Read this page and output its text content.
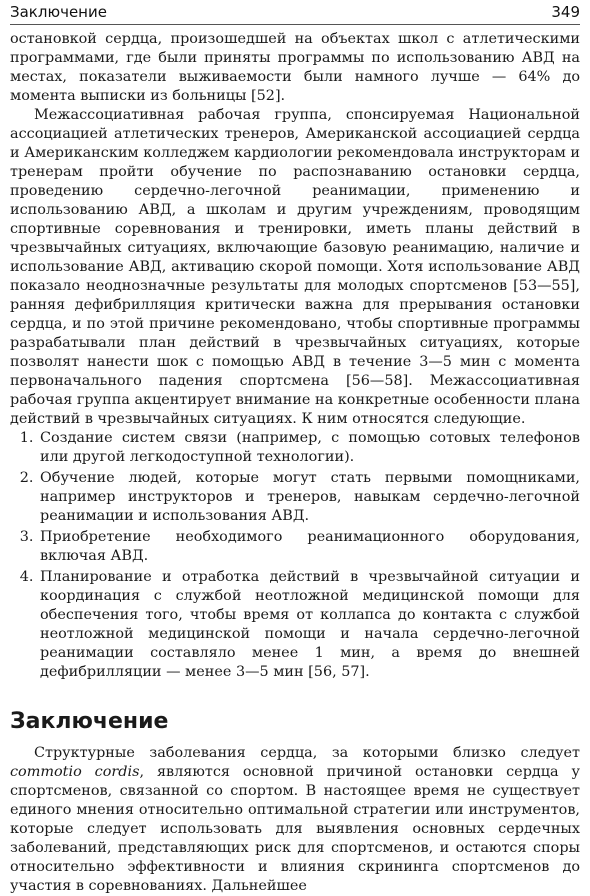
Заключение	349

остановкой сердца, произошедшей на объектах школ с атлетическими программами, где были приняты программы по использованию АВД на местах, показатели выживаемости были намного лучше — 64% до момента выписки из больницы [52].

Межассоциативная рабочая группа, спонсируемая Национальной ассоциацией атлетических тренеров, Американской ассоциацией сердца и Американским колледжем кардиологии рекомендовала инструкторам и тренерам пройти обучение по распознаванию остановки сердца, проведению сердечно-легочной реанимации, применению и использованию АВД, а школам и другим учреждениям, проводящим спортивные соревнования и тренировки, иметь планы действий в чрезвычайных ситуациях, включающие базовую реанимацию, наличие и использование АВД, активацию скорой помощи. Хотя использование АВД показало неоднозначные результаты для молодых спортсменов [53—55], ранняя дефибрилляция критически важна для прерывания остановки сердца, и по этой причине рекомендовано, чтобы спортивные программы разрабатывали план действий в чрезвычайных ситуациях, которые позволят нанести шок с помощью АВД в течение 3—5 мин с момента первоначального падения спортсмена [56—58]. Межассоциативная рабочая группа акцентирует внимание на конкретные особенности плана действий в чрезвычайных ситуациях. К ним относятся следующие.

1. Создание систем связи (например, с помощью сотовых телефонов или другой легкодоступной технологии).
2. Обучение людей, которые могут стать первыми помощниками, например инструкторов и тренеров, навыкам сердечно-легочной реанимации и использования АВД.
3. Приобретение необходимого реанимационного оборудования, включая АВД.
4. Планирование и отработка действий в чрезвычайной ситуации и координация с службой неотложной медицинской помощи для обеспечения того, чтобы время от коллапса до контакта с службой неотложной медицинской помощи и начала сердечно-легочной реанимации составляло менее 1 мин, а время до внешней дефибрилляции — менее 3—5 мин [56, 57].
Заключение

Структурные заболевания сердца, за которыми близко следует commotio cordis, являются основной причиной остановки сердца у спортсменов, связанной со спортом. В настоящее время не существует единого мнения относительно оптимальной стратегии или инструментов, которые следует использовать для выявления основных сердечных заболеваний, представляющих риск для спортсменов, и остаются споры относительно эффективности и влияния скрининга спортсменов до участия в соревнованиях. Дальнейшее
